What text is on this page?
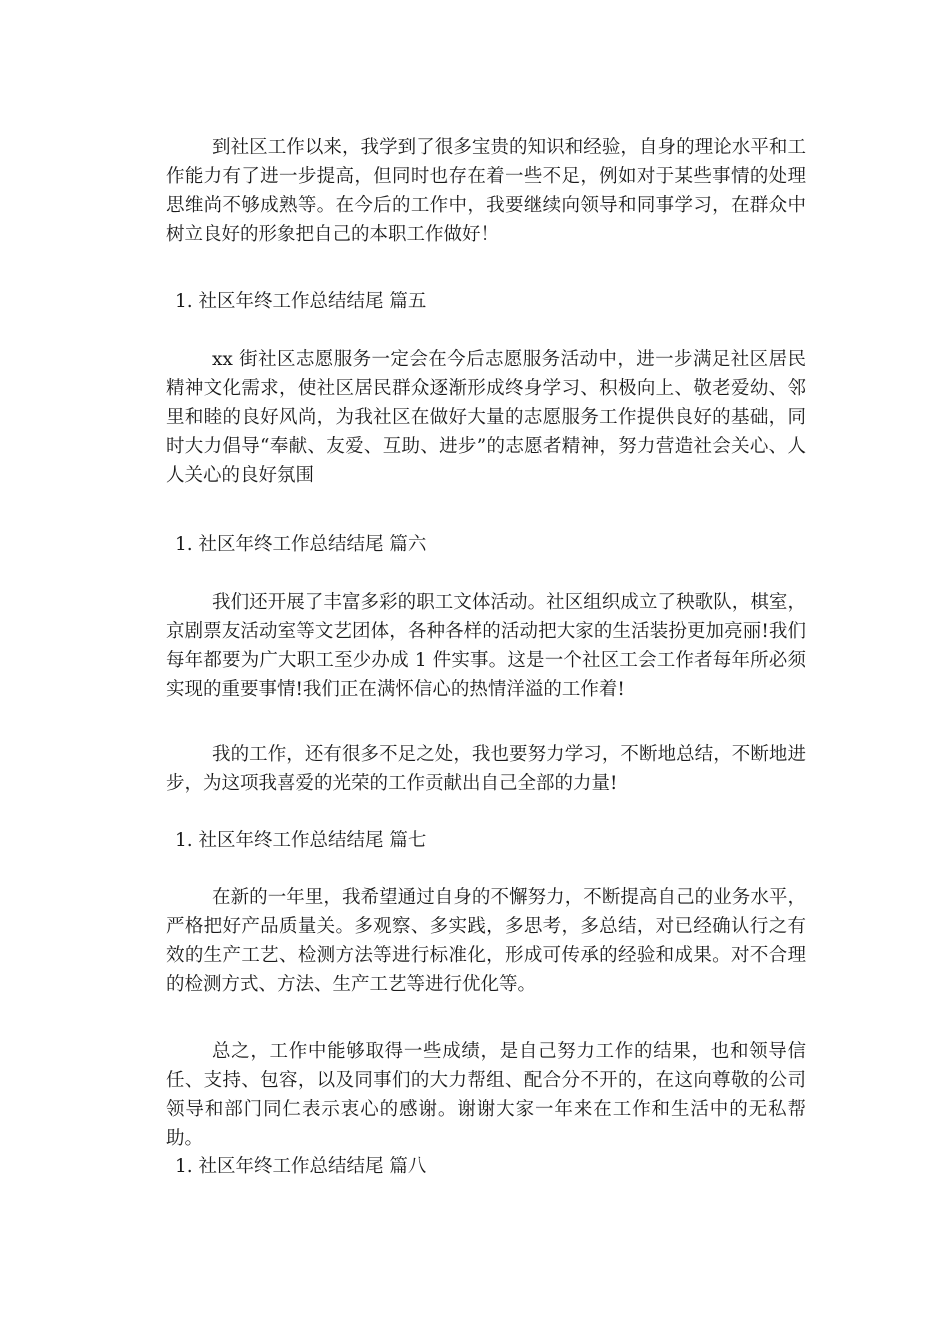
到社区工作以来，我学到了很多宝贵的知识和经验，自身的理论水平和工作能力有了进一步提高，但同时也存在着一些不足，例如对于某些事情的处理思维尚不够成熟等。在今后的工作中，我要继续向领导和同事学习，在群众中树立良好的形象把自己的本职工作做好！

1. 社区年终工作总结结尾 篇五

xx 街社区志愿服务一定会在今后志愿服务活动中，进一步满足社区居民精神文化需求，使社区居民群众逐渐形成终身学习、积极向上、敬老爱幼、邻里和睦的良好风尚，为我社区在做好大量的志愿服务工作提供良好的基础，同时大力倡导“奉献、友爱、互助、进步”的志愿者精神，努力营造社会关心、人人关心的良好氛围

1. 社区年终工作总结结尾 篇六

我们还开展了丰富多彩的职工文体活动。社区组织成立了秧歌队，棋室，京剧票友活动室等文艺团体，各种各样的活动把大家的生活装扮更加亮丽!我们每年都要为广大职工至少办成 1 件实事。这是一个社区工会工作者每年所必须实现的重要事情!我们正在满怀信心的热情洋溢的工作着!

我的工作，还有很多不足之处，我也要努力学习，不断地总结，不断地进步，为这项我喜爱的光荣的工作贡献出自己全部的力量!

1. 社区年终工作总结结尾 篇七

在新的一年里，我希望通过自身的不懈努力，不断提高自己的业务水平，严格把好产品质量关。多观察、多实践，多思考，多总结，对已经确认行之有效的生产工艺、检测方法等进行标准化，形成可传承的经验和成果。对不合理的检测方式、方法、生产工艺等进行优化等。

总之，工作中能够取得一些成绩，是自己努力工作的结果，也和领导信任、支持、包容，以及同事们的大力帮组、配合分不开的，在这向尊敬的公司领导和部门同仁表示衷心的感谢。谢谢大家一年来在工作和生活中的无私帮助。

1. 社区年终工作总结结尾 篇八
